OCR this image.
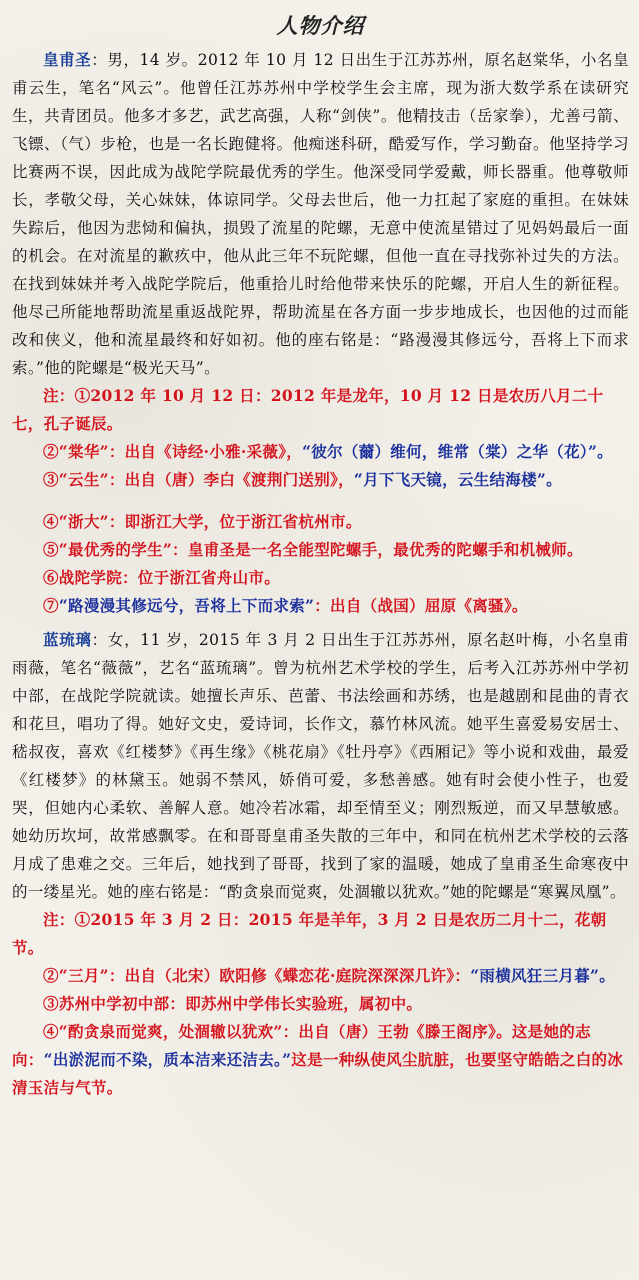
人物介绍

皇甫圣：男，14 岁。2012 年 10 月 12 日出生于江苏苏州，原名赵棠华，小名皇甫云生，笔名“风云”。他曾任江苏苏州中学校学生会主席，现为浙大数学系在读研究生，共青团员。他多才多艺，武艺高强，人称“剑侠”。他精技击（岳家拳），尤善弓箭、飞镖、（气）步枪，也是一名长跑健将。他痴迷科研，酷爱写作，学习勤奋。他坚持学习比赛两不误，因此成为战陀学院最优秀的学生。他深受同学爱戴，师长器重。他尊敬师长，孝敬父母，关心妹妹，体谅同学。父母去世后，他一力扛起了家庭的重担。在妹妹失踪后，他因为悲恸和偏执，损毁了流星的陀螺，无意中使流星错过了见妈妈最后一面的机会。在对流星的歉疚中，他从此三年不玩陀螺，但他一直在寻找弥补过失的方法。在找到妹妹并考入战陀学院后，他重拾儿时给他带来快乐的陀螺，开启人生的新征程。他尽己所能地帮助流星重返战陀界，帮助流星在各方面一步步地成长，也因他的过而能改和侠义，他和流星最终和好如初。他的座右铭是：“路漫漫其修远兮，吾将上下而求索。”他的陀螺是“极光天马”。

注：①2012 年 10 月 12 日：2012 年是龙年，10 月 12 日是农历八月二十七，孔子诞辰。

②“棠华”：出自《诗经·小雅·采薇》，“彼尔（薾）维何，维常（棠）之华（花）”。

③“云生”：出自（唐）李白《渡荆门送别》，“月下飞天镜，云生结海楼”。

④“浙大”：即浙江大学，位于浙江省杭州市。

⑤“最优秀的学生”：皇甫圣是一名全能型陀螺手，最优秀的陀螺手和机械师。

⑥战陀学院：位于浙江省舟山市。

⑦“路漫漫其修远兮，吾将上下而求索”：出自（战国）屈原《离骚》。

蓝琉璃：女，11 岁，2015 年 3 月 2 日出生于江苏苏州，原名赵叶梅，小名皇甫雨薇，笔名“薇薇”，艺名“蓝琉璃”。曾为杭州艺术学校的学生，后考入江苏苏州中学初中部，在战陀学院就读。她擅长声乐、芭蕾、书法绘画和苏绣，也是越剧和昆曲的青衣和花旦，唱功了得。她好文史，爱诗词，长作文，慕竹林风流。她平生喜爱易安居士、嵇叔夜，喜欢《红楼梦》《再生缘》《桃花扇》《牡丹亭》《西厢记》等小说和戏曲，最爱《红楼梦》的林黛玉。她弱不禁风，娇俏可爱，多愁善感。她有时会使小性子，也爱哭，但她内心柔软、善解人意。她冷若冰霜，却至情至义；刚烈叛逆，而又早慧敏感。她幼历坎坷，故常感飘零。在和哥哥皇甫圣失散的三年中，和同在杭州艺术学校的云落月成了患难之交。三年后，她找到了哥哥，找到了家的温暖，她成了皇甫圣生命寒夜中的一缕星光。她的座右铭是：“酌贪泉而觉爽，处涸辙以犹欢。”她的陀螺是“寒翼凤凰”。

注：①2015 年 3 月 2 日：2015 年是羊年，3 月 2 日是农历二月十二，花朝节。

②“三月”：出自（北宋）欧阳修《蝶恋花·庭院深深深几许》：“雨横风狂三月暮”。

③苏州中学初中部：即苏州中学伟长实验班，属初中。

④“酌贪泉而觉爽，处涸辙以犹欢”：出自（唐）王勃《滕王阁序》。这是她的志向：“出淤泥而不染，质本洁来还洁去。”这是一种纵使风尘肮脏，也要坚守皓皓之白的冰清玉洁与气节。
